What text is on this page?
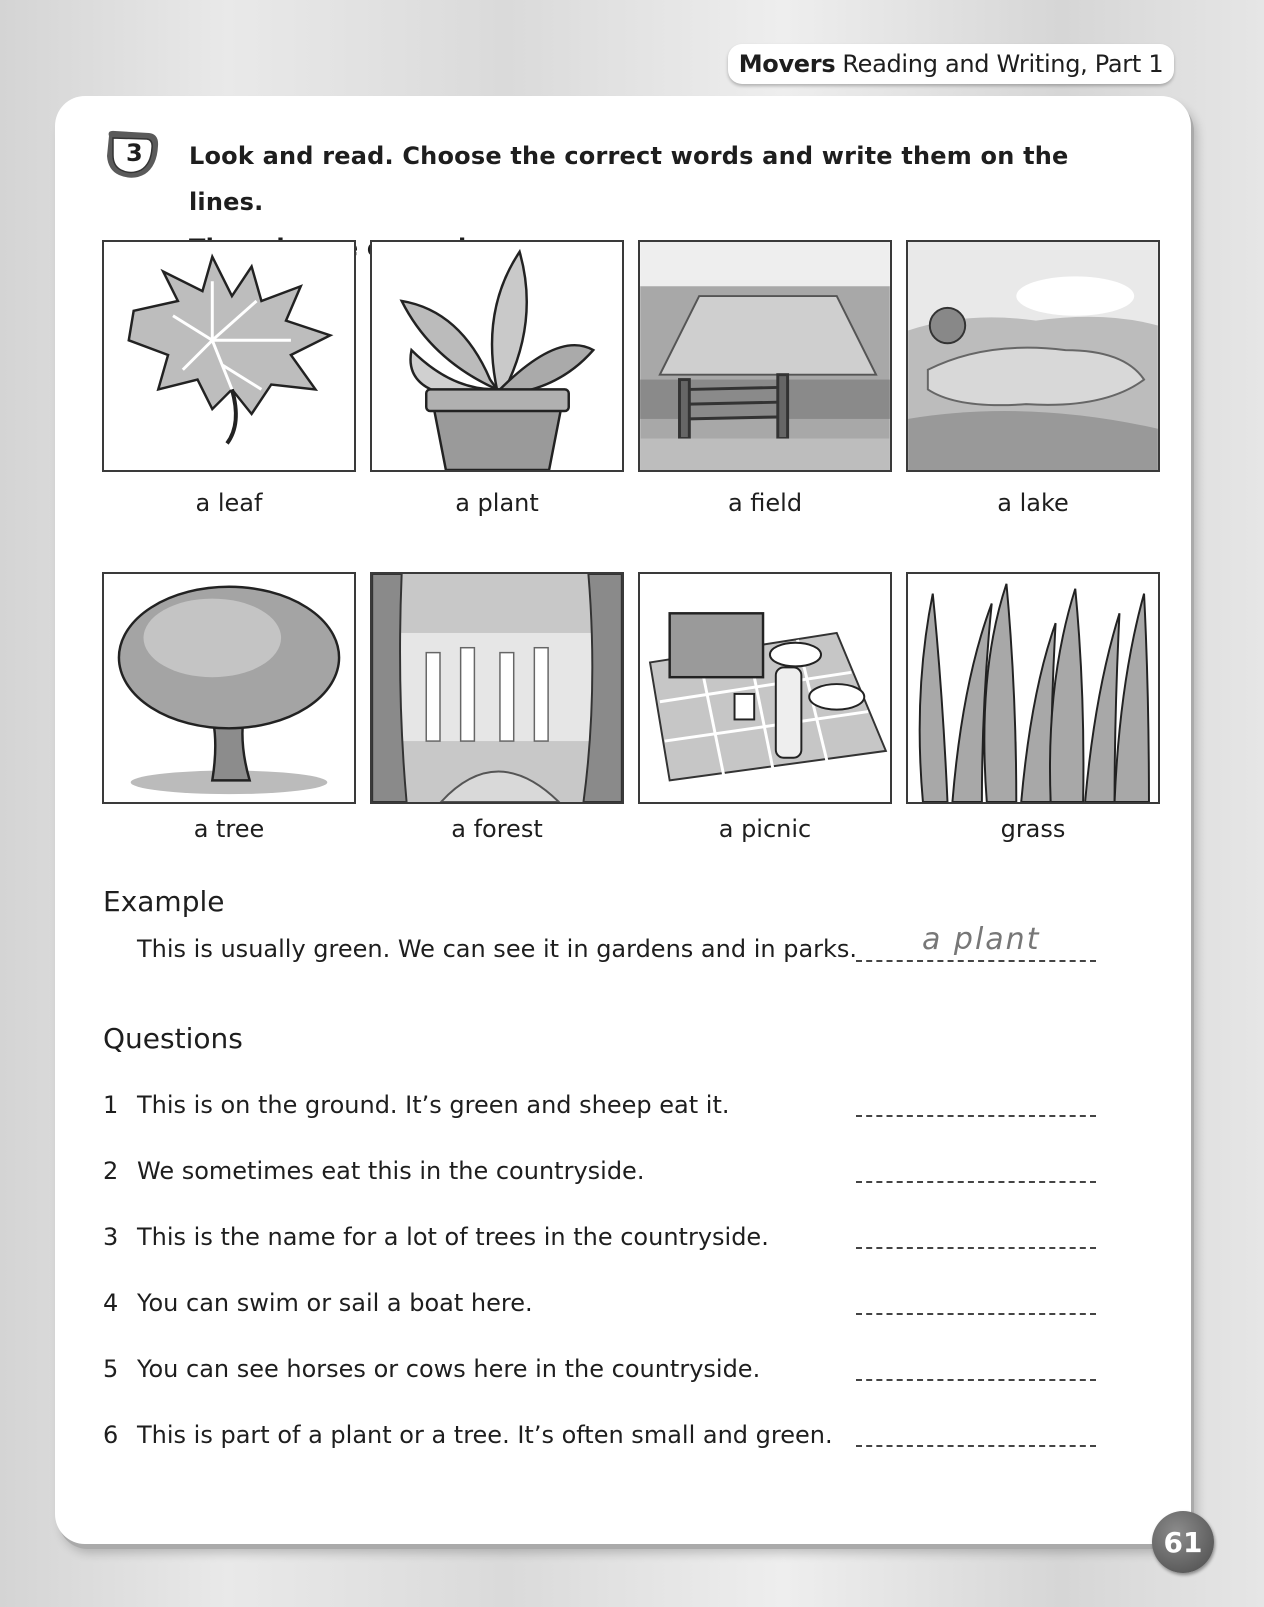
Movers Reading and Writing, Part 1
3 Look and read. Choose the correct words and write them on the lines.
a leaf	a plant	a field	a lake
a tree	a forest	a picnic	grass
Example
This is usually green. We can see it in gardens and in parks. a plant
Questions
1 This is on the ground. It’s green and sheep eat it.
2 We sometimes eat this in the countryside.
3 This is the name for a lot of trees in the countryside.
4 You can swim or sail a boat here.
5 You can see horses or cows here in the countryside.
6 This is part of a plant or a tree. It’s often small and green.
61
